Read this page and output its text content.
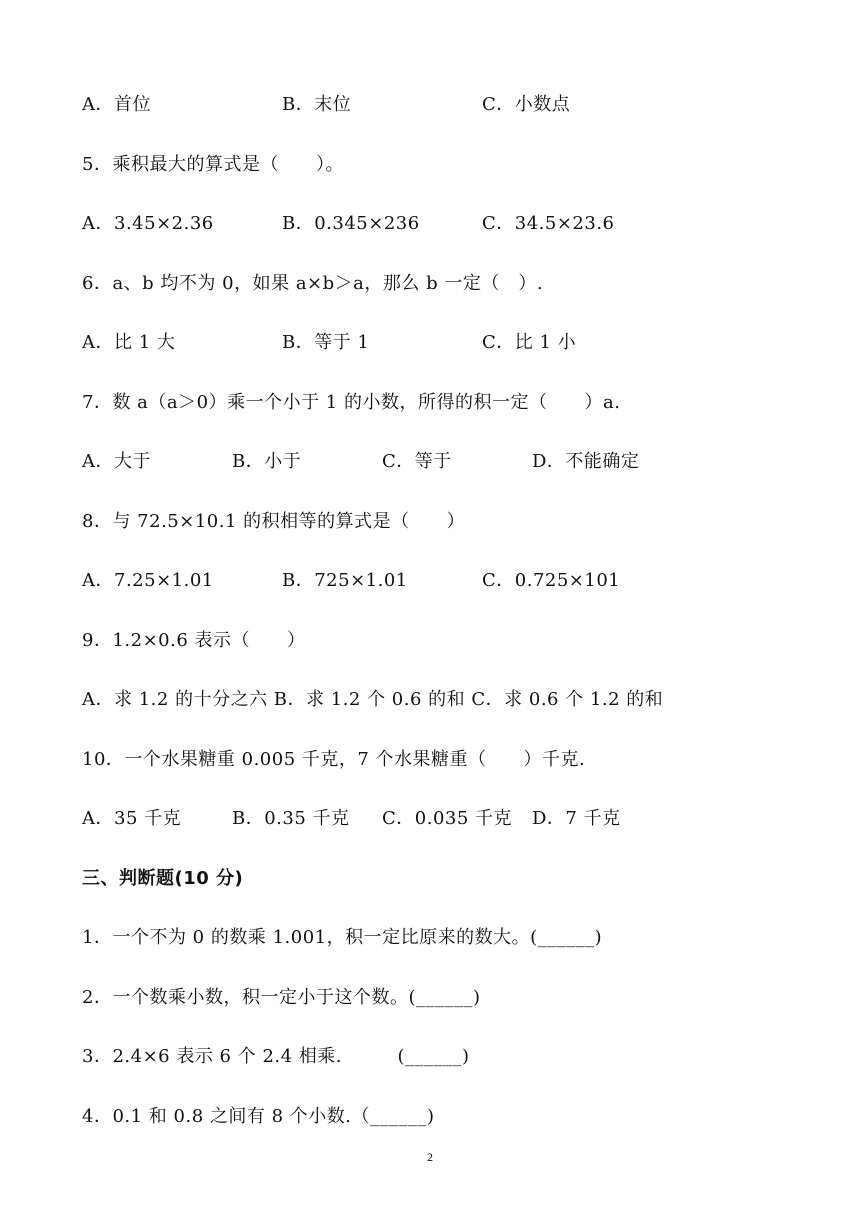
A．首位	B．末位	C．小数点
5．乘积最大的算式是（　　）。
A．3.45×2.36	B．0.345×236	C．34.5×23.6
6．a、b 均不为 0，如果 a×b＞a，那么 b 一定（　）.
A．比 1 大	B．等于 1	C．比 1 小
7．数 a（a＞0）乘一个小于 1 的小数，所得的积一定（　　）a.
A．大于	B．小于	C．等于	D．不能确定
8．与 72.5×10.1 的积相等的算式是（　　）
A．7.25×1.01	B．725×1.01	C．0.725×101
9．1.2×0.6 表示（　　）
A．求 1.2 的十分之六 B．求 1.2 个 0.6 的和 C．求 0.6 个 1.2 的和
10．一个水果糖重 0.005 千克，7 个水果糖重（　　）千克.
A．35 千克	B．0.35 千克 C．0.035 千克 D．7 千克
三、判断题(10 分)
1．一个不为 0 的数乘 1.001，积一定比原来的数大。(______)
2．一个数乘小数，积一定小于这个数。(______)
3．2.4×6 表示 6 个 2.4 相乘.　　　(______)
4．0.1 和 0.8 之间有 8 个小数.（______)
2
